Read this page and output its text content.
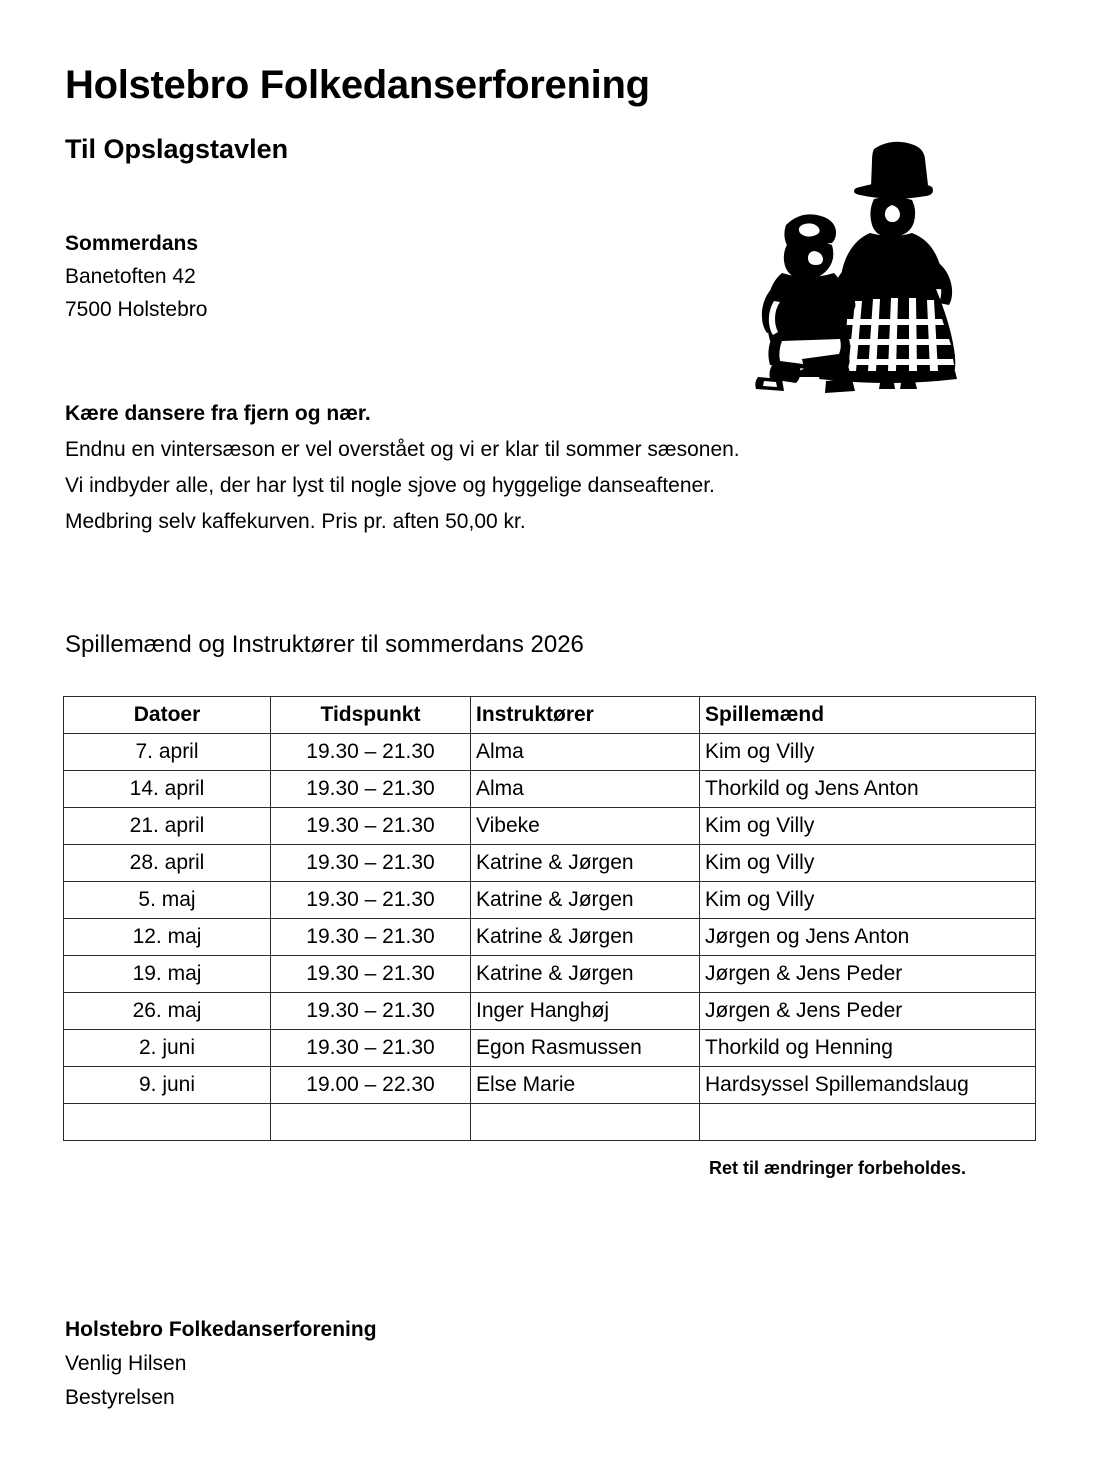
Holstebro Folkedanserforening
Til Opslagstavlen
Sommerdans
Banetoften 42
7500 Holstebro

Kære dansere fra fjern og nær.

Endnu en vintersæson er vel overstået og vi er klar til sommer sæsonen.

Vi indbyder alle, der har lyst til nogle sjove og hyggelige danseaftener.

Medbring selv kaffekurven. Pris pr. aften 50,00 kr.

Spillemænd og Instruktører til sommerdans 2026
Datoer	Tidspunkt	Instruktører	Spillemænd
7. april	19.30 – 21.30	Alma	Kim og Villy
14. april	19.30 – 21.30	Alma	Thorkild og Jens Anton
21. april	19.30 – 21.30	Vibeke	Kim og Villy
28. april	19.30 – 21.30	Katrine & Jørgen	Kim og Villy
5. maj	19.30 – 21.30	Katrine & Jørgen	Kim og Villy
12. maj	19.30 – 21.30	Katrine & Jørgen	Jørgen og Jens Anton
19. maj	19.30 – 21.30	Katrine & Jørgen	Jørgen & Jens Peder
26. maj	19.30 – 21.30	Inger Hanghøj	Jørgen & Jens Peder
2. juni	19.30 – 21.30	Egon Rasmussen	Thorkild og Henning
9. juni	19.00 – 22.30	Else Marie	Hardsyssel Spillemandslaug

Ret til ændringer forbeholdes.
Holstebro Folkedanserforening
Venlig Hilsen
Bestyrelsen
